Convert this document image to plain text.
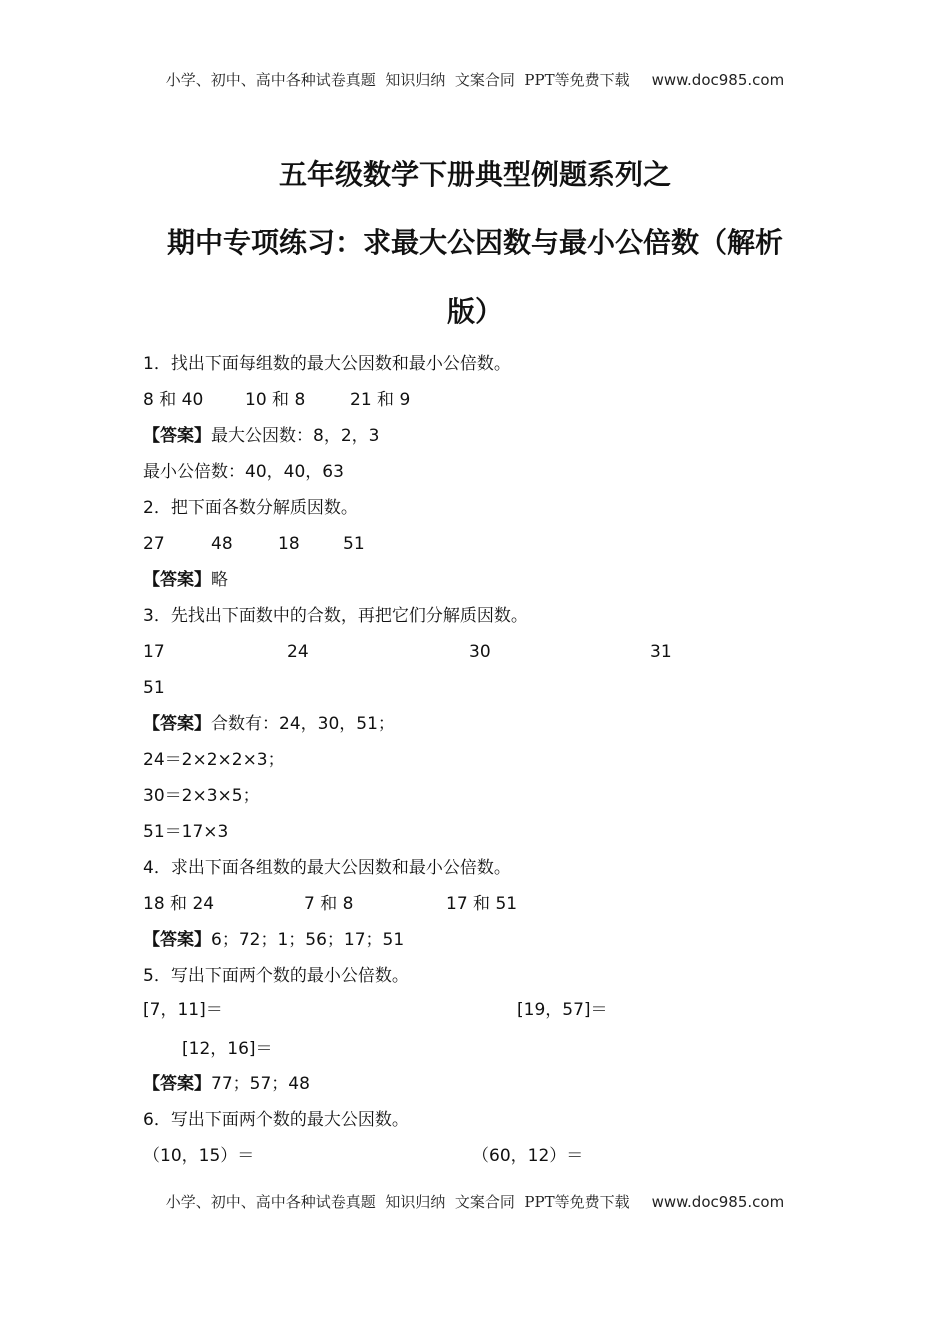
小学、初中、高中各种试卷真题  知识归纳  文案合同  PPT等免费下载 www.doc985.com
五年级数学下册典型例题系列之
期中专项练习：求最大公因数与最小公倍数（解析
版）
1．找出下面每组数的最大公因数和最小公倍数。
8 和 40 10 和 8	21 和 9
【答案】最大公因数：8，2，3
最小公倍数：40，40，63
2．把下面各数分解质因数。
27	48	18	51
【答案】略
3．先找出下面数中的合数，再把它们分解质因数。
17	24	30	31
51
【答案】合数有：24，30，51；
24＝2×2×2×3；
30＝2×3×5；
51＝17×3
4．求出下面各组数的最大公因数和最小公倍数。
18 和 24	7 和 8	17 和 51
【答案】6；72；1；56；17；51
5．写出下面两个数的最小公倍数。
[7，11]＝	[19，57]＝
[12，16]＝
【答案】77；57；48
6．写出下面两个数的最大公因数。
（10，15）＝	（60，12）＝
小学、初中、高中各种试卷真题  知识归纳  文案合同  PPT等免费下载 www.doc985.com
